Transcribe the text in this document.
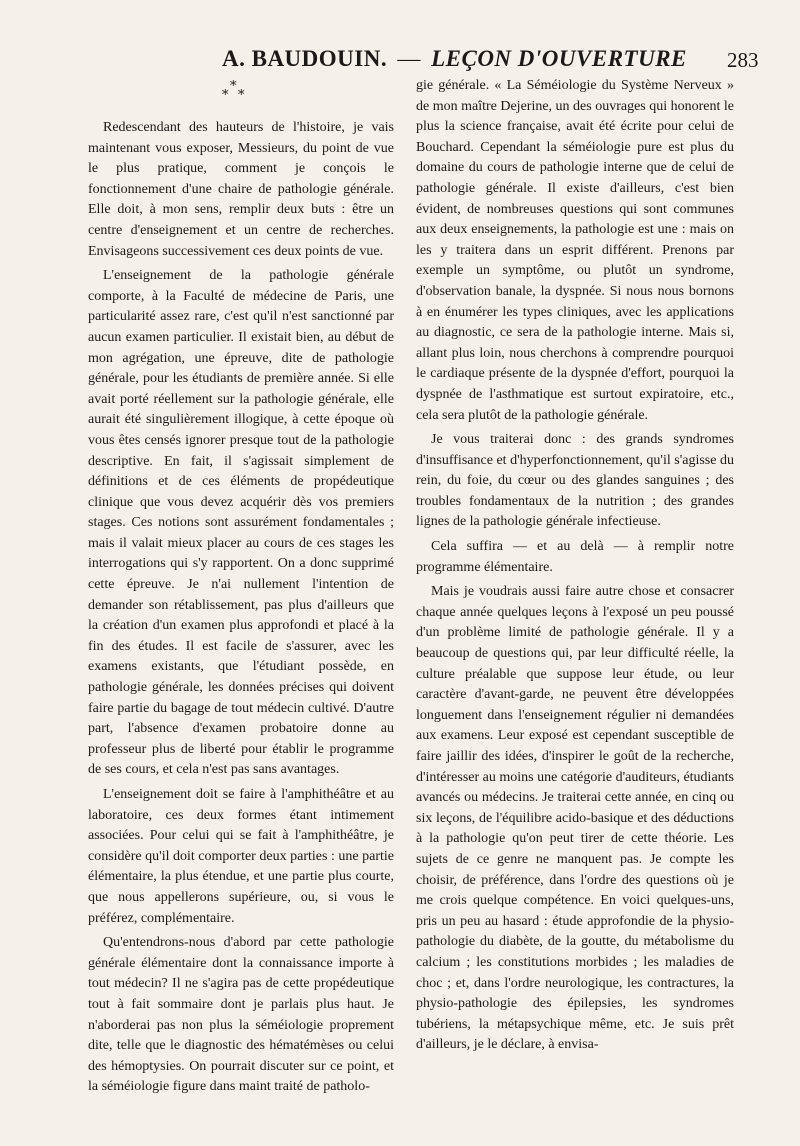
A. BAUDOUIN. — LEÇON D'OUVERTURE 283
*
*
*

Redescendant des hauteurs de l'histoire, je vais maintenant vous exposer, Messieurs, du point de vue le plus pratique, comment je conçois le fonctionnement d'une chaire de pathologie générale. Elle doit, à mon sens, remplir deux buts : être un centre d'enseignement et un centre de recherches. Envisageons successivement ces deux points de vue.

L'enseignement de la pathologie générale comporte, à la Faculté de médecine de Paris, une particularité assez rare, c'est qu'il n'est sanctionné par aucun examen particulier. Il existait bien, au début de mon agrégation, une épreuve, dite de pathologie générale, pour les étudiants de première année. Si elle avait porté réellement sur la pathologie générale, elle aurait été singulièrement illogique, à cette époque où vous êtes censés ignorer presque tout de la pathologie descriptive. En fait, il s'agissait simplement de définitions et de ces éléments de propédeutique clinique que vous devez acquérir dès vos premiers stages. Ces notions sont assurément fondamentales ; mais il valait mieux placer au cours de ces stages les interrogations qui s'y rapportent. On a donc supprimé cette épreuve. Je n'ai nullement l'intention de demander son rétablissement, pas plus d'ailleurs que la création d'un examen plus approfondi et placé à la fin des études. Il est facile de s'assurer, avec les examens existants, que l'étudiant possède, en pathologie générale, les données précises qui doivent faire partie du bagage de tout médecin cultivé. D'autre part, l'absence d'examen probatoire donne au professeur plus de liberté pour établir le programme de ses cours, et cela n'est pas sans avantages.

L'enseignement doit se faire à l'amphithéâtre et au laboratoire, ces deux formes étant intimement associées. Pour celui qui se fait à l'amphithéâtre, je considère qu'il doit comporter deux parties : une partie élémentaire, la plus étendue, et une partie plus courte, que nous appellerons supérieure, ou, si vous le préférez, complémentaire.

Qu'entendrons-nous d'abord par cette pathologie générale élémentaire dont la connaissance importe à tout médecin? Il ne s'agira pas de cette propédeutique tout à fait sommaire dont je parlais plus haut. Je n'aborderai pas non plus la séméiologie proprement dite, telle que le diagnostic des hématémèses ou celui des hémoptysies. On pourrait discuter sur ce point, et la séméiologie figure dans maint traité de patholo-

gie générale. « La Séméiologie du Système Nerveux » de mon maître Dejerine, un des ouvrages qui honorent le plus la science française, avait été écrite pour celui de Bouchard. Cependant la séméiologie pure est plus du domaine du cours de pathologie interne que de celui de pathologie générale. Il existe d'ailleurs, c'est bien évident, de nombreuses questions qui sont communes aux deux enseignements, la pathologie est une : mais on les y traitera dans un esprit différent. Prenons par exemple un symptôme, ou plutôt un syndrome, d'observation banale, la dyspnée. Si nous nous bornons à en énumérer les types cliniques, avec les applications au diagnostic, ce sera de la pathologie interne. Mais si, allant plus loin, nous cherchons à comprendre pourquoi le cardiaque présente de la dyspnée d'effort, pourquoi la dyspnée de l'asthmatique est surtout expiratoire, etc., cela sera plutôt de la pathologie générale.

Je vous traiterai donc : des grands syndromes d'insuffisance et d'hyperfonctionnement, qu'il s'agisse du rein, du foie, du cœur ou des glandes sanguines ; des troubles fondamentaux de la nutrition ; des grandes lignes de la pathologie générale infectieuse.

Cela suffira — et au delà — à remplir notre programme élémentaire.

Mais je voudrais aussi faire autre chose et consacrer chaque année quelques leçons à l'exposé un peu poussé d'un problème limité de pathologie générale. Il y a beaucoup de questions qui, par leur difficulté réelle, la culture préalable que suppose leur étude, ou leur caractère d'avant-garde, ne peuvent être développées longuement dans l'enseignement régulier ni demandées aux examens. Leur exposé est cependant susceptible de faire jaillir des idées, d'inspirer le goût de la recherche, d'intéresser au moins une catégorie d'auditeurs, étudiants avancés ou médecins. Je traiterai cette année, en cinq ou six leçons, de l'équilibre acido-basique et des déductions à la pathologie qu'on peut tirer de cette théorie. Les sujets de ce genre ne manquent pas. Je compte les choisir, de préférence, dans l'ordre des questions où je me crois quelque compétence. En voici quelques-uns, pris un peu au hasard : étude approfondie de la physio-pathologie du diabète, de la goutte, du métabolisme du calcium ; les constitutions morbides ; les maladies de choc ; et, dans l'ordre neurologique, les contractures, la physio-pathologie des épilepsies, les syndromes tubériens, la métapsychique même, etc. Je suis prêt d'ailleurs, je le déclare, à envisa-
